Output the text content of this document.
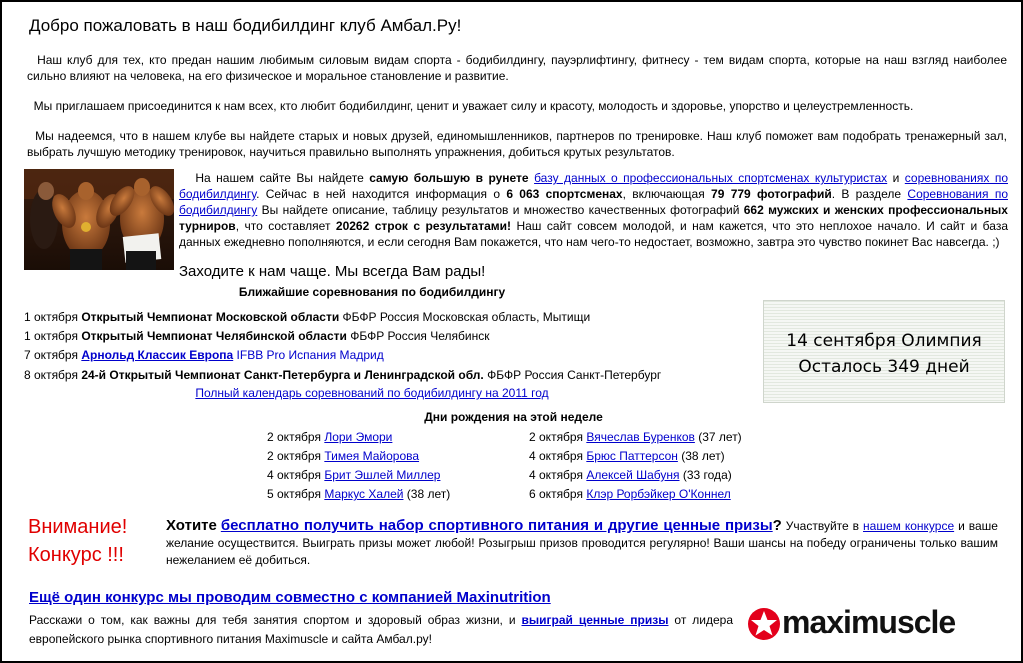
Добро пожаловать в наш бодибилдинг клуб Амбал.Ру!
Наш клуб для тех, кто предан нашим любимым силовым видам спорта - бодибилдингу, пауэрлифтингу, фитнесу - тем видам спорта, которые на наш взгляд наиболее сильно влияют на человека, на его физическое и моральное становление и развитие.
Мы приглашаем присоединится к нам всех, кто любит бодибилдинг, ценит и уважает силу и красоту, молодость и здоровье, упорство и целеустремленность.
Мы надеемся, что в нашем клубе вы найдете старых и новых друзей, единомышленников, партнеров по тренировке. Наш клуб поможет вам подобрать тренажерный зал, выбрать лучшую методику тренировок, научиться правильно выполнять упражнения, добиться крутых результатов.
На нашем сайте Вы найдете самую большую в рунете базу данных о профессиональных спортсменах культуристах и соревнованиях по бодибилдингу. Сейчас в ней находится информация о 6 063 спортсменах, включающая 79 779 фотографий. В разделе Соревнования по бодибилдингу Вы найдете описание, таблицу результатов и множество качественных фотографий 662 мужских и женских профессиональных турниров, что составляет 20262 строк с результатами! Наш сайт совсем молодой, и нам кажется, что это неплохое начало. И сайт и база данных ежедневно пополняются, и если сегодня Вам покажется, что нам чего-то недостает, возможно, завтра это чувство покинет Вас навсегда. ;)
Заходите к нам чаще. Мы всегда Вам рады!
Ближайшие соревнования по бодибилдингу
1 октября Открытый Чемпионат Московской области ФБФР Россия Московская область, Мытищи
1 октября Открытый Чемпионат Челябинской области ФБФР Россия Челябинск
7 октября Арнольд Классик Европа IFBB Pro Испания Мадрид
8 октября 24-й Открытый Чемпионат Санкт-Петербурга и Ленинградской обл. ФБФР Россия Санкт-Петербург
Полный календарь соревнований по бодибилдингу на 2011 год
14 сентября Олимпия
Осталось 349 дней
Дни рождения на этой неделе
2 октября Лори Эмори
2 октября Тимея Майорова
4 октября Брит Эшлей Миллер
5 октября Маркус Халей (38 лет)
2 октября Вячеслав Буренков (37 лет)
4 октября Брюс Паттерсон (38 лет)
4 октября Алексей Шабуня (33 года)
6 октября Клэр Рорбэйкер О'Коннел
Внимание!
Конкурс !!!
Хотите бесплатно получить набор спортивного питания и другие ценные призы? Участвуйте в нашем конкурсе и ваше желание осуществится. Выиграть призы может любой! Розыгрыш призов проводится регулярно! Ваши шансы на победу ограничены только вашим нежеланием её добиться.
Ещё один конкурс мы проводим совместно с компанией Maxinutrition
Расскажи о том, как важны для тебя занятия спортом и здоровый образ жизни, и выиграй ценные призы от лидера европейского рынка спортивного питания Maximuscle и сайта Амбал.ру!	maximuscle
